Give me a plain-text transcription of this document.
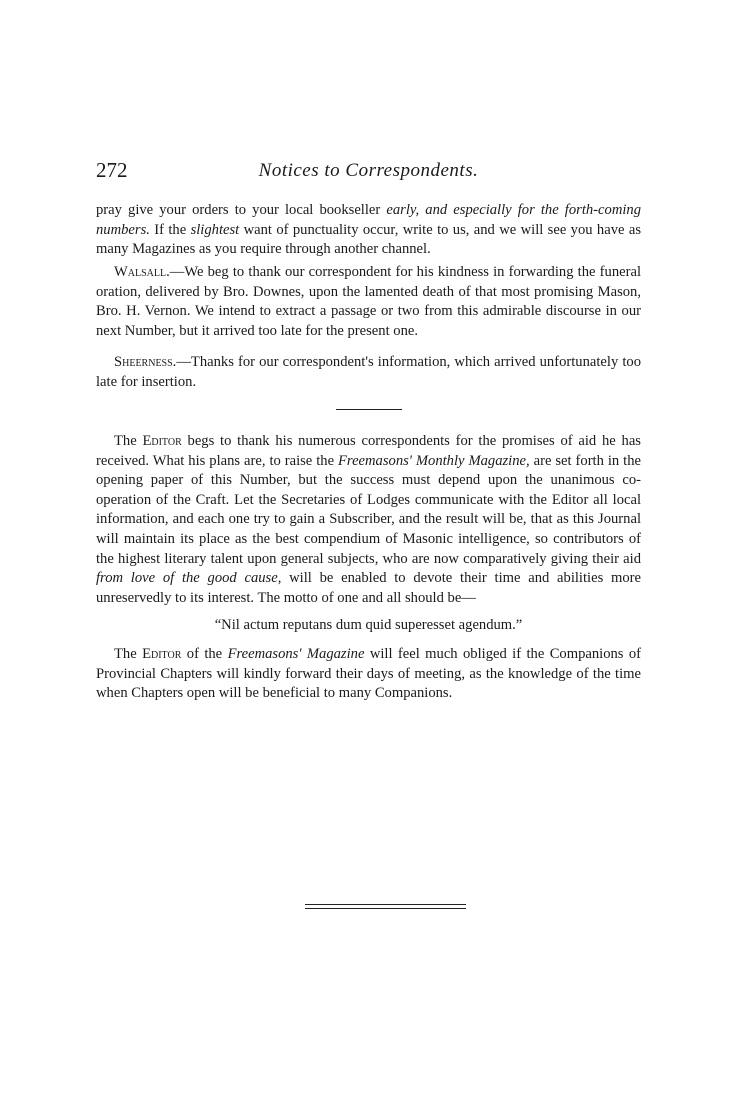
272	Notices to Correspondents.

pray give your orders to your local bookseller early, and especially for the forth-coming numbers. If the slightest want of punctuality occur, write to us, and we will see you have as many Magazines as you require through another channel.

Walsall.—We beg to thank our correspondent for his kindness in forwarding the funeral oration, delivered by Bro. Downes, upon the lamented death of that most promising Mason, Bro. H. Vernon. We intend to extract a passage or two from this admirable discourse in our next Number, but it arrived too late for the present one.

Sheerness.—Thanks for our correspondent's information, which arrived unfortunately too late for insertion.

The Editor begs to thank his numerous correspondents for the promises of aid he has received. What his plans are, to raise the Freemasons' Monthly Magazine, are set forth in the opening paper of this Number, but the success must depend upon the unanimous co-operation of the Craft. Let the Secretaries of Lodges communicate with the Editor all local information, and each one try to gain a Subscriber, and the result will be, that as this Journal will maintain its place as the best compendium of Masonic intelligence, so contributors of the highest literary talent upon general subjects, who are now comparatively giving their aid from love of the good cause, will be enabled to devote their time and abilities more unreservedly to its interest. The motto of one and all should be—

“Nil actum reputans dum quid superesset agendum.”

The Editor of the Freemasons' Magazine will feel much obliged if the Companions of Provincial Chapters will kindly forward their days of meeting, as the knowledge of the time when Chapters open will be beneficial to many Companions.
